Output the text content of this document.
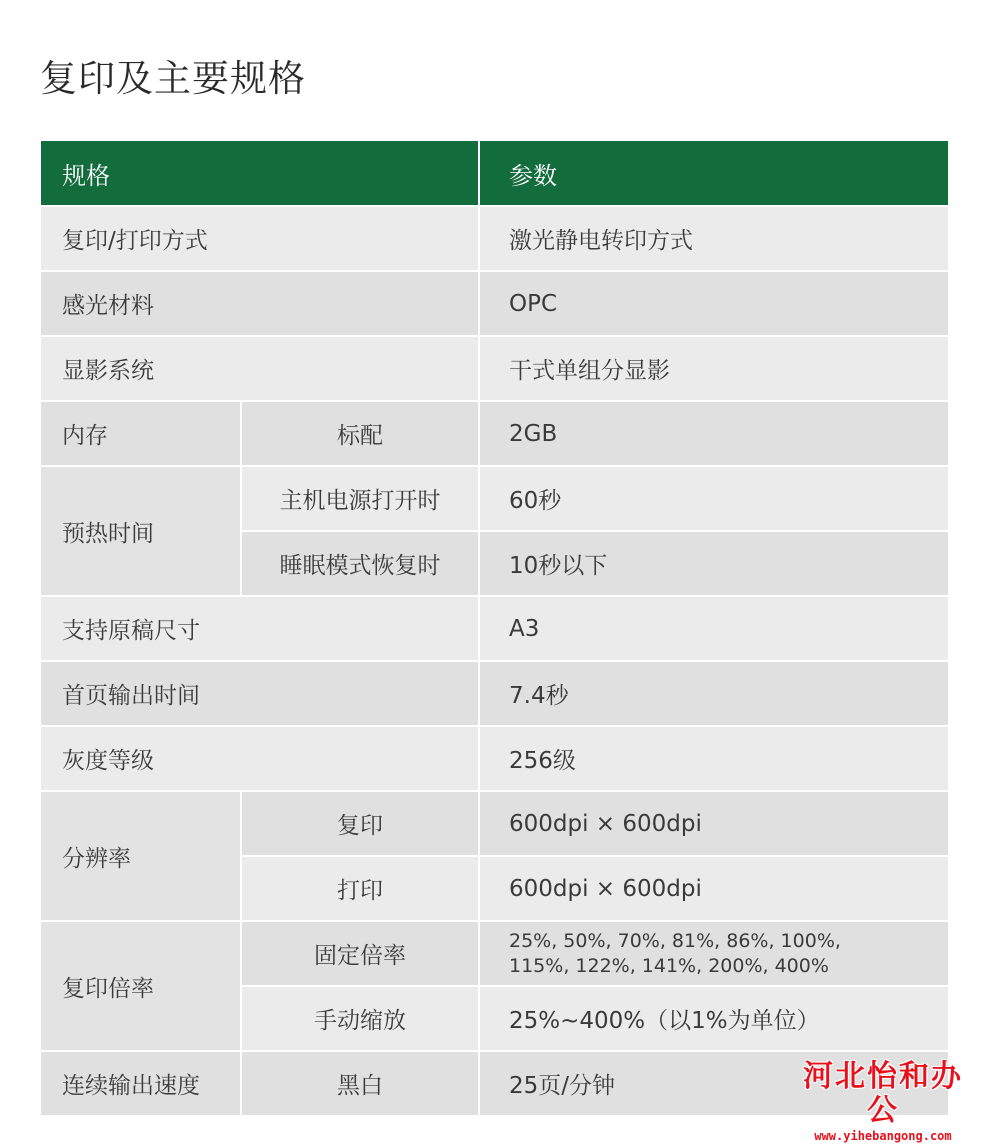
复印及主要规格
规格		参数
复印/打印方式		激光静电转印方式
感光材料		OPC
显影系统		干式单组分显影
内存	标配	2GB
预热时间	主机电源打开时	60秒
	睡眠模式恢复时	10秒以下
支持原稿尺寸		A3
首页输出时间		7.4秒
灰度等级		256级
分辨率	复印	600dpi × 600dpi
	打印	600dpi × 600dpi
复印倍率	固定倍率	25%, 50%, 70%, 81%, 86%, 100%,
115%, 122%, 141%, 200%, 400%

	手动缩放	25%~400%（以1%为单位）
连续输出速度	黑白	25页/分钟	河北怡和办公
www.yihebangong.com
